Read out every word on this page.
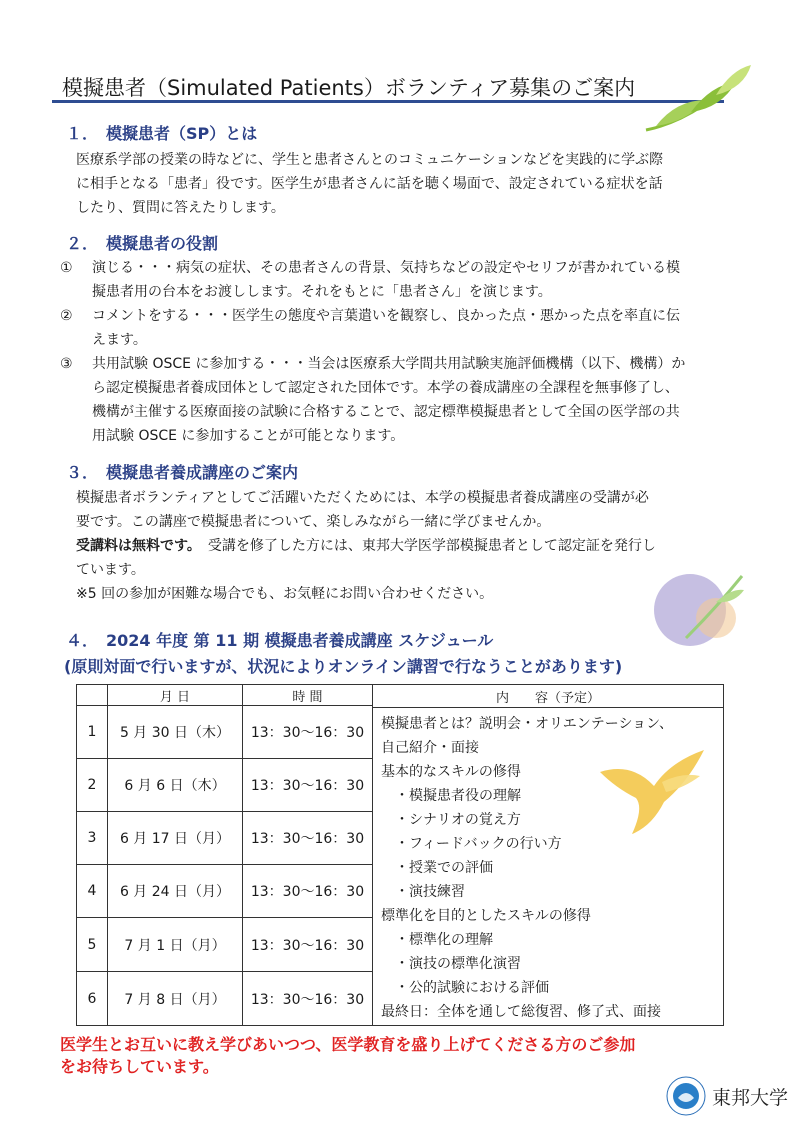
模擬患者（Simulated Patients）ボランティア募集のご案内
１． 模擬患者（SP）とは
医療系学部の授業の時などに、学生と患者さんとのコミュニケーションなどを実践的に学ぶ際
に相手となる「患者」役です。医学生が患者さんに話を聴く場面で、設定されている症状を話
したり、質問に答えたりします。
２． 模擬患者の役割
① 演じる・・・病気の症状、その患者さんの背景、気持ちなどの設定やセリフが書かれている模
擬患者用の台本をお渡しします。それをもとに「患者さん」を演じます。
② コメントをする・・・医学生の態度や言葉遣いを観察し、良かった点・悪かった点を率直に伝
えます。
③ 共用試験 OSCE に参加する・・・当会は医療系大学間共用試験実施評価機構（以下、機構）か
ら認定模擬患者養成団体として認定された団体です。本学の養成講座の全課程を無事修了し、
機構が主催する医療面接の試験に合格することで、認定標準模擬患者として全国の医学部の共
用試験 OSCE に参加することが可能となります。
３． 模擬患者養成講座のご案内
模擬患者ボランティアとしてご活躍いただくためには、本学の模擬患者養成講座の受講が必
要です。この講座で模擬患者について、楽しみながら一緒に学びませんか。
受講料は無料です。　受講を修了した方には、東邦大学医学部模擬患者として認定証を発行し
ています。
※5 回の参加が困難な場合でも、お気軽にお問い合わせください。
４． 2024 年度 第 11 期 模擬患者養成講座 スケジュール
(原則対面で行いますが、状況によりオンライン講習で行なうことがあります)
月 日	時 間
1	5 月 30 日（木）	13：30～16：30
2	6 月 6 日（木）	13：30～16：30
3	6 月 17 日（月）	13：30～16：30
4	6 月 24 日（月）	13：30～16：30
5	7 月 1 日（月）	13：30～16：30
6	7 月 8 日（月）	13：30～16：30
内　　容（予定）
模擬患者とは？説明会・オリエンテーション、
自己紹介・面接
基本的なスキルの修得
　・模擬患者役の理解
　・シナリオの覚え方
　・フィードバックの行い方
　・授業での評価
　・演技練習
標準化を目的としたスキルの修得
　・標準化の理解
　・演技の標準化演習
　・公的試験における評価
最終日：全体を通して総復習、修了式、面接
医学生とお互いに教え学びあいつつ、医学教育を盛り上げてくださる方のご参加
をお待ちしています。
東邦大学
